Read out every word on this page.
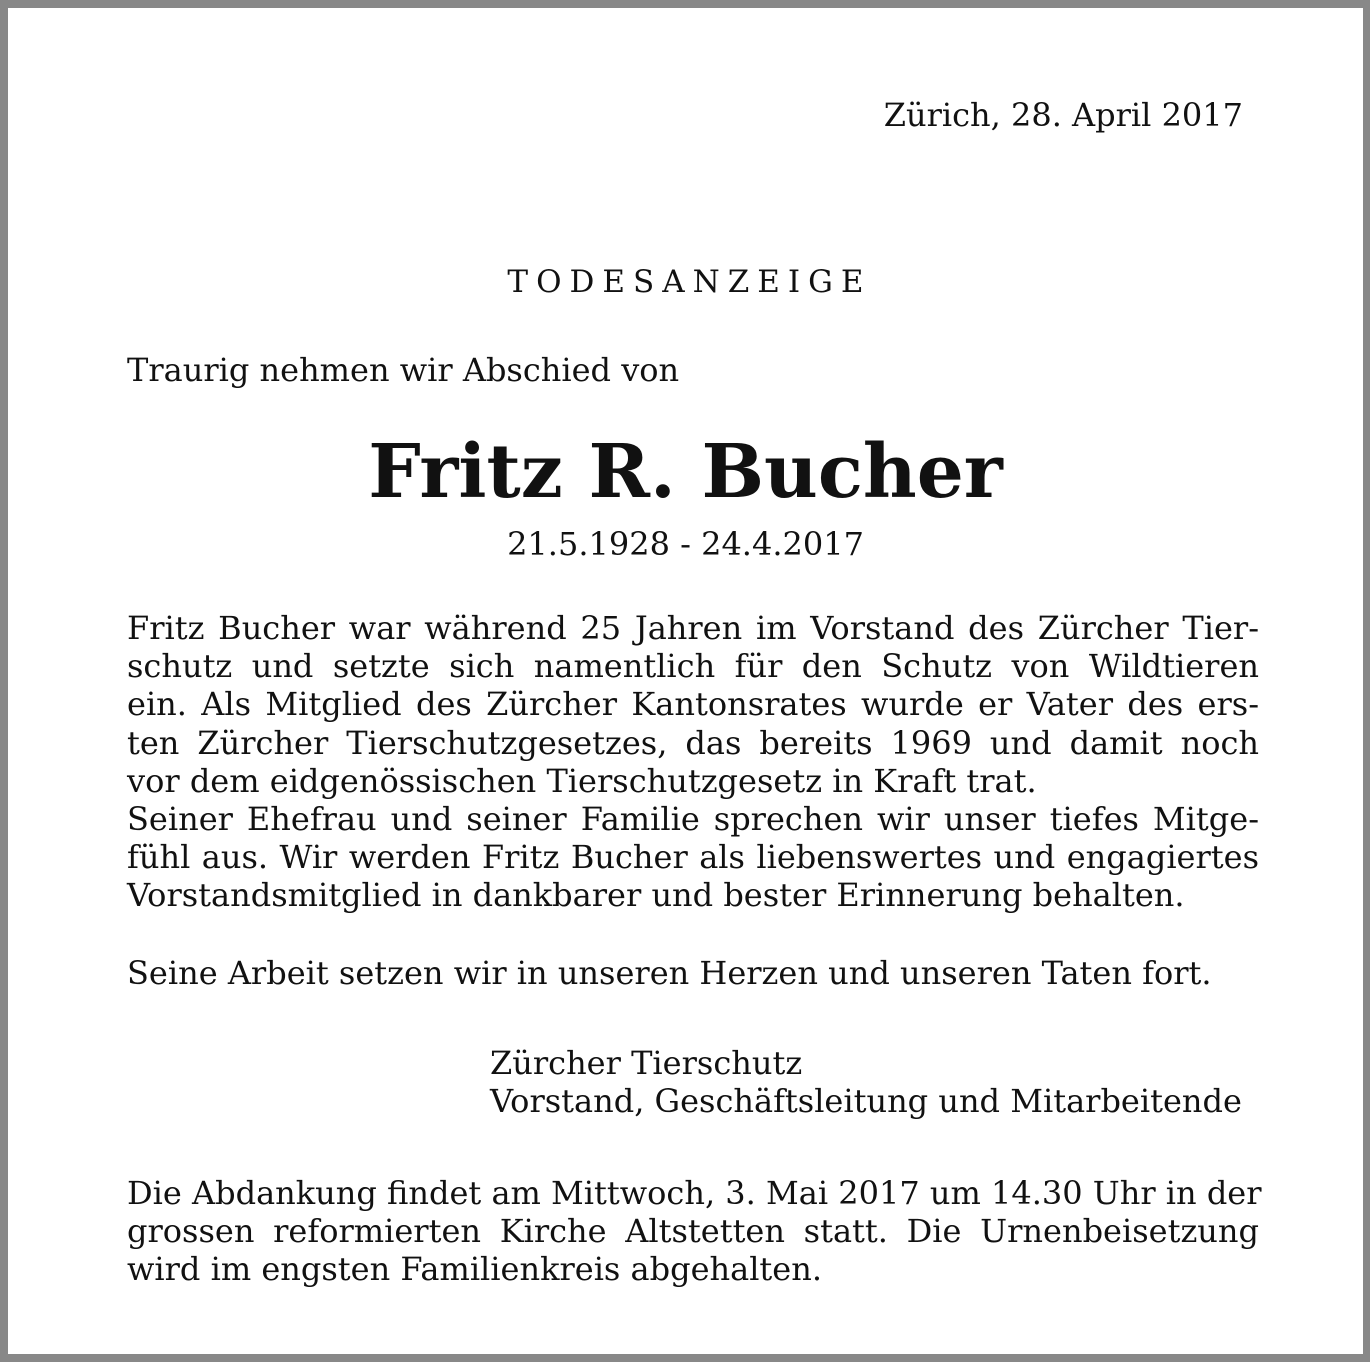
Zürich, 28. April 2017

TODESANZEIGE

Traurig nehmen wir Abschied von

Fritz R. Bucher

21.5.1928 - 24.4.2017

Fritz Bucher war während 25 Jahren im Vorstand des Zürcher Tier-
schutz und setzte sich namentlich für den Schutz von Wildtieren
ein. Als Mitglied des Zürcher Kantonsrates wurde er Vater des ers-
ten Zürcher Tierschutzgesetzes, das bereits 1969 und damit noch
vor dem eidgenössischen Tierschutzgesetz in Kraft trat.
Seiner Ehefrau und seiner Familie sprechen wir unser tiefes Mitge-
fühl aus. Wir werden Fritz Bucher als liebenswertes und engagiertes
Vorstandsmitglied in dankbarer und bester Erinnerung behalten.
Seine Arbeit setzen wir in unseren Herzen und unseren Taten fort.
Zürcher Tierschutz
Vorstand, Geschäftsleitung und Mitarbeitende
Die Abdankung findet am Mittwoch, 3. Mai 2017 um 14.30 Uhr in der
grossen reformierten Kirche Altstetten statt. Die Urnenbeisetzung
wird im engsten Familienkreis abgehalten.
